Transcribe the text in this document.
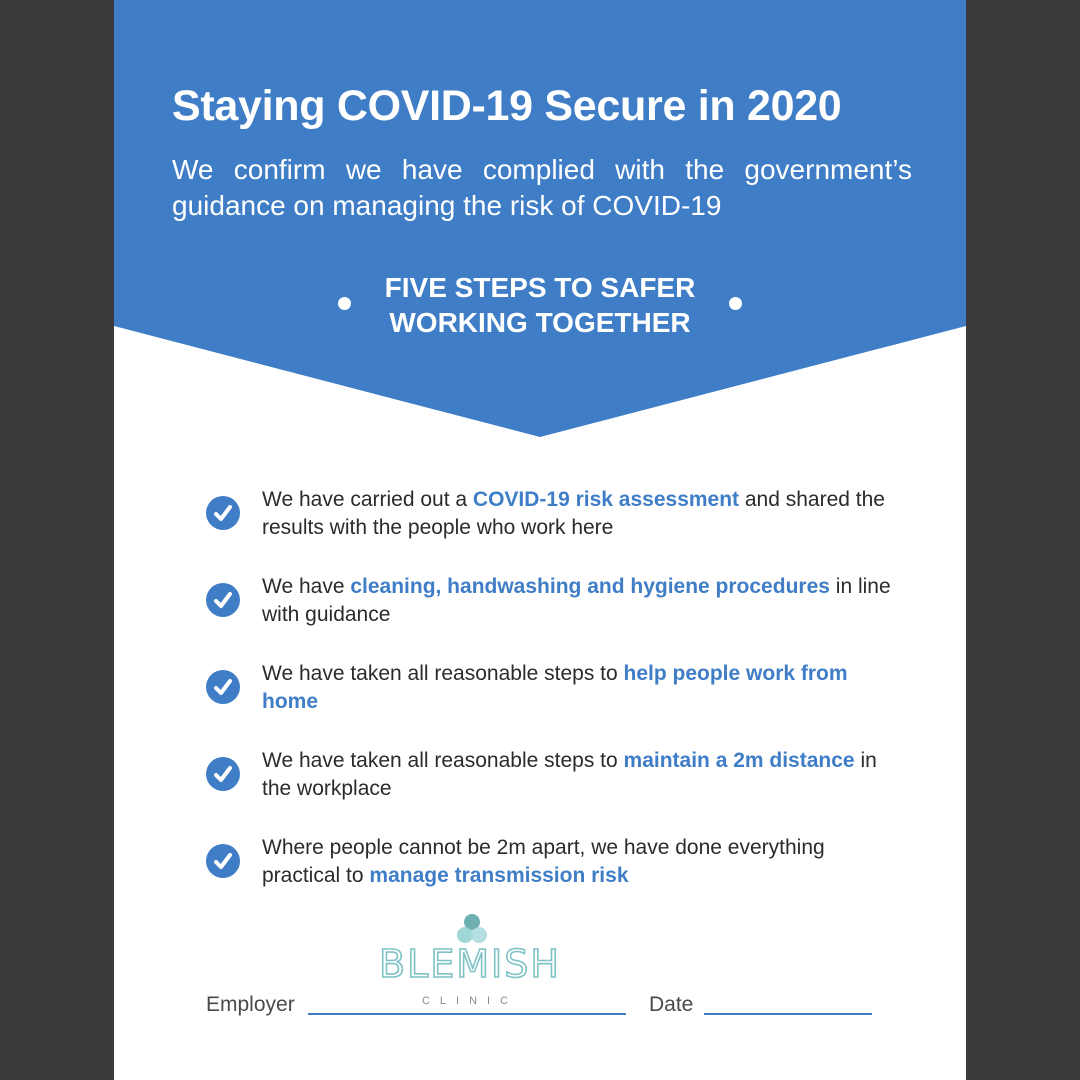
Staying COVID-19 Secure in 2020
We confirm we have complied with the government’s guidance on managing the risk of COVID-19
FIVE STEPS TO SAFER
WORKING TOGETHER
We have carried out a COVID-19 risk assessment and shared the results with the people who work here
We have cleaning, handwashing and hygiene procedures in line with guidance
We have taken all reasonable steps to help people work from home
We have taken all reasonable steps to maintain a 2m distance in the workplace
Where people cannot be 2m apart, we have done everything practical to manage transmission risk
BLEMISH
CLINIC
Employer	Date
